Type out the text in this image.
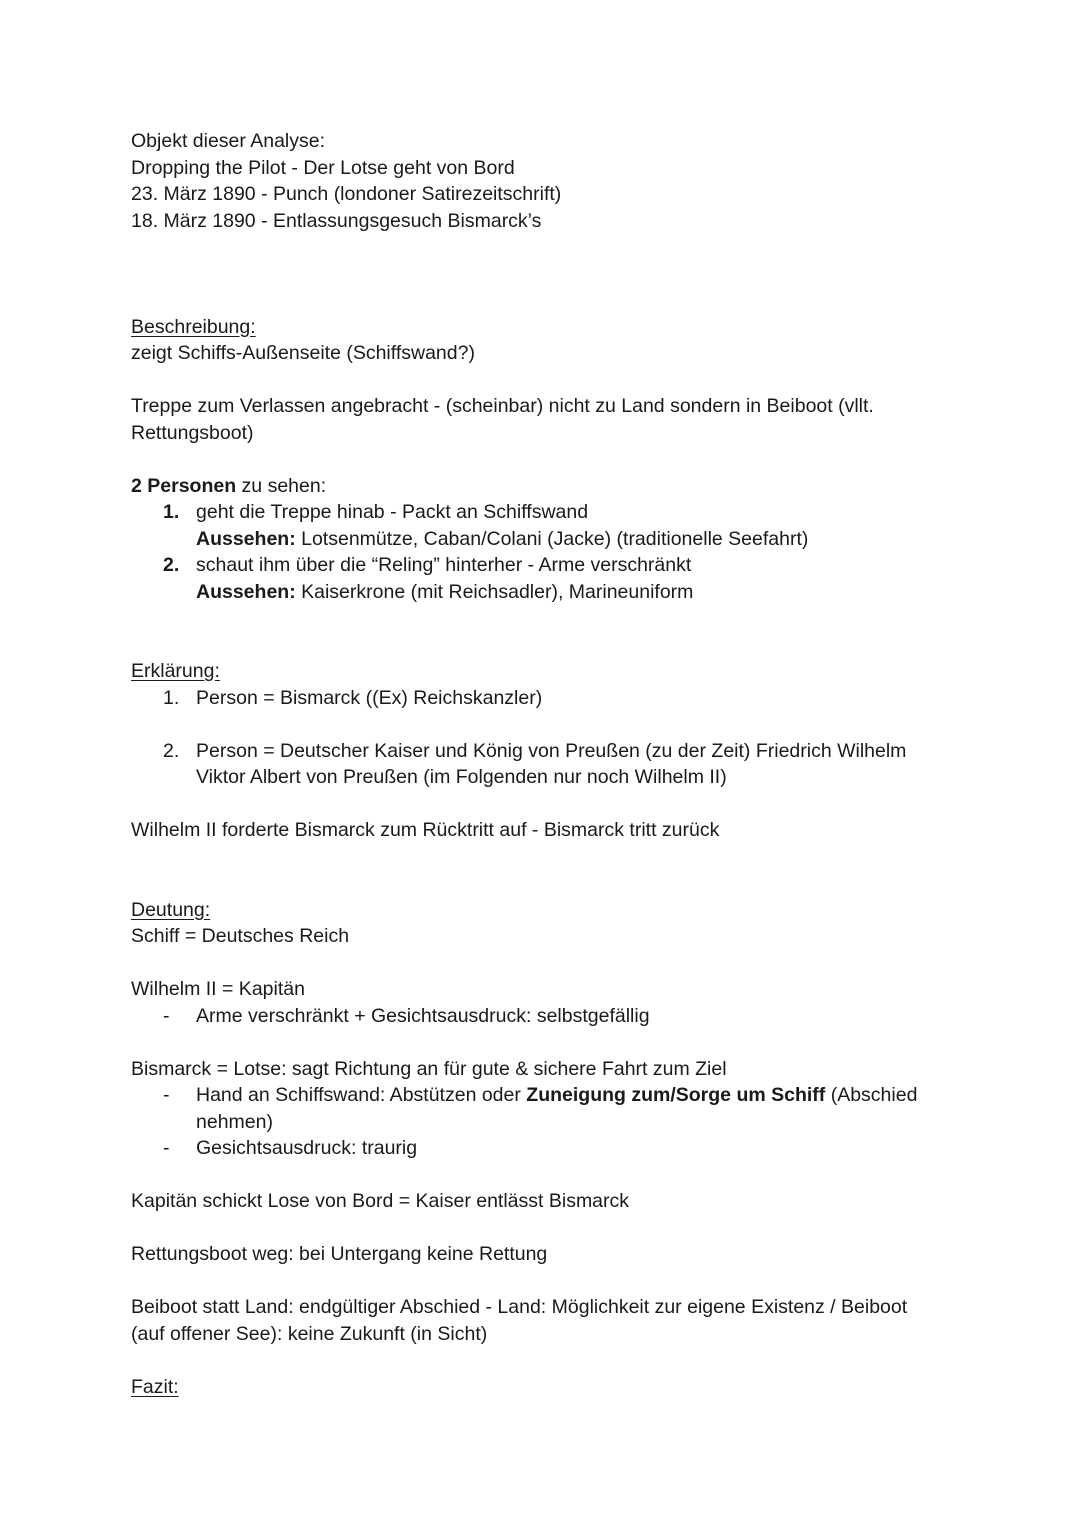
Objekt dieser Analyse:

Dropping the Pilot - Der Lotse geht von Bord

23. März 1890 - Punch (londoner Satirezeitschrift)

18. März 1890 - Entlassungsgesuch Bismarck’s

Beschreibung:

zeigt Schiffs-Außenseite (Schiffswand?)

Treppe zum Verlassen angebracht - (scheinbar) nicht zu Land sondern in Beiboot (vllt. Rettungsboot)

2 Personen zu sehen:

1. geht die Treppe hinab - Packt an Schiffswand
Aussehen: Lotsenmütze, Caban/Colani (Jacke) (traditionelle Seefahrt)
2. schaut ihm über die “Reling” hinterher - Arme verschränkt
Aussehen: Kaiserkrone (mit Reichsadler), Marineuniform

Erklärung:

1. Person = Bismarck ((Ex) Reichskanzler)
2. Person = Deutscher Kaiser und König von Preußen (zu der Zeit) Friedrich Wilhelm Viktor Albert von Preußen (im Folgenden nur noch Wilhelm II)

Wilhelm II forderte Bismarck zum Rücktritt auf - Bismarck tritt zurück

Deutung:

Schiff = Deutsches Reich

Wilhelm II = Kapitän

- Arme verschränkt + Gesichtsausdruck: selbstgefällig

Bismarck = Lotse: sagt Richtung an für gute & sichere Fahrt zum Ziel

- Hand an Schiffswand: Abstützen oder Zuneigung zum/Sorge um Schiff (Abschied nehmen)
- Gesichtsausdruck: traurig

Kapitän schickt Lose von Bord = Kaiser entlässt Bismarck

Rettungsboot weg: bei Untergang keine Rettung

Beiboot statt Land: endgültiger Abschied - Land: Möglichkeit zur eigene Existenz / Beiboot (auf offener See): keine Zukunft (in Sicht)

Fazit:
